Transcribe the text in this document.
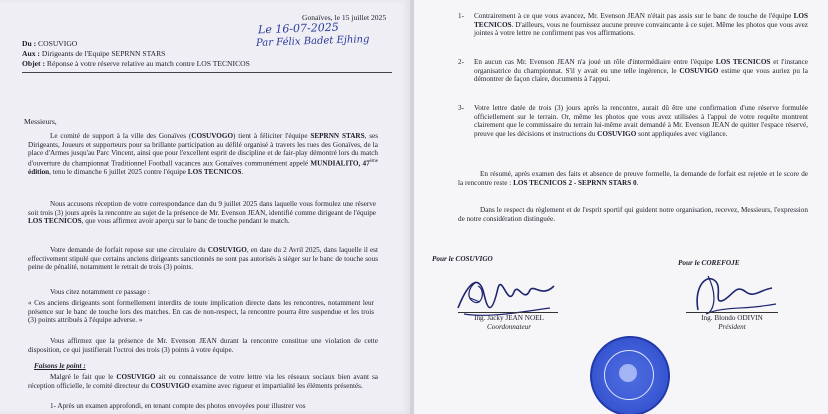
Gonaïves, le 15 juillet 2025

Le 16-07-2025
Par Félix Badet Ejhing

Du : COSUVIGO

Aux : Dirigeants de l'Equipe SEPRNN STARS

Objet : Réponse à votre réserve relative au match contre LOS TECNICOS

Messieurs,

Le comité de support à la ville des Gonaïves (COSUVOGO) tient à féliciter l'équipe SEPRNN STARS, ses Dirigeants, Joueurs et supporteurs pour sa brillante participation au défilé organisé à travers les rues des Gonaïves, de la place d'Armes jusqu'au Parc Vincent, ainsi que pour l'excellent esprit de discipline et de fair-play démontré lors du match d'ouverture du championnat Traditionnel Football vacances aux Gonaïves communément appelé MUNDIALITO, 47ème édition, tenu le dimanche 6 juillet 2025 contre l'équipe LOS TECNICOS.

Nous accusons réception de votre correspondance dan du 9 juillet 2025 dans laquelle vous formulez une réserve soit trois (3) jours après la rencontre au sujet de la présence de Mr. Evenson JEAN, identifié comme dirigeant de l'équipe LOS TECNICOS, que vous affirmez avoir aperçu sur le banc de touche pendant le match.

Votre demande de forfait repose sur une circulaire du COSUVIGO, en date du 2 Avril 2025, dans laquelle il est effectivement stipulé que certains anciens dirigeants sanctionnés ne sont pas autorisés à siéger sur le banc de touche sous peine de pénalité, notamment le retrait de trois (3) points.

Vous citez notamment ce passage :

« Ces anciens dirigeants sont formellement interdits de toute implication directe dans les rencontres, notamment leur présence sur le banc de touche lors des matches. En cas de non-respect, la rencontre pourra être suspendue et les trois (3) points attribués à l'équipe adverse. »

Vous affirmez que la présence de Mr. Evenson JEAN durant la rencontre constitue une violation de cette disposition, ce qui justifierait l'octroi des trois (3) points à votre équipe.

Faisons le point :

Malgré le fait que le COSUVIGO ait eu connaissance de votre lettre via les réseaux sociaux bien avant sa réception officielle, le comité directeur du COSUVIGO examine avec rigueur et impartialité les éléments présentés.

1- Après un examen approfondi, en tenant compte des photos envoyées pour illustrer vos

1- Contrairement à ce que vous avancez, Mr. Evenson JEAN n'était pas assis sur le banc de touche de l'équipe LOS TECNICOS. D'ailleurs, vous ne fournissez aucune preuve convaincante à ce sujet. Même les photos que vous avez jointes à votre lettre ne confirment pas vos affirmations.

2- En aucun cas Mr. Evenson JEAN n'a joué un rôle d'intermédiaire entre l'équipe LOS TECNICOS et l'instance organisatrice du championnat. S'il y avait eu une telle ingérence, le COSUVIGO estime que vous auriez pu la démontrer de façon claire, documents à l'appui.

3- Votre lettre datée de trois (3) jours après la rencontre, aurait dû être une confirmation d'une réserve formulée officiellement sur le terrain. Or, même les photos que vous avez utilisées à l'appui de votre requête montrent clairement que le commissaire du terrain lui-même avait demandé à Mr. Evenson JEAN de quitter l'espace réservé, preuve que les décisions et instructions du COSUVIGO sont appliquées avec vigilance.

En résumé, après examen des faits et absence de preuve formelle, la demande de forfait est rejetée et le score de la rencontre reste : LOS TECNICOS 2 - SEPRNN STARS 0.

Dans le respect du règlement et de l'esprit sportif qui guident notre organisation, recevez, Messieurs, l'expression de notre considération distinguée.

Pour le COSUVIGO

Ing. Jacky JEAN NOEL

Coordonnateur

Pour le COREFOJE

Ing. Blondo ODIVIN

Président
